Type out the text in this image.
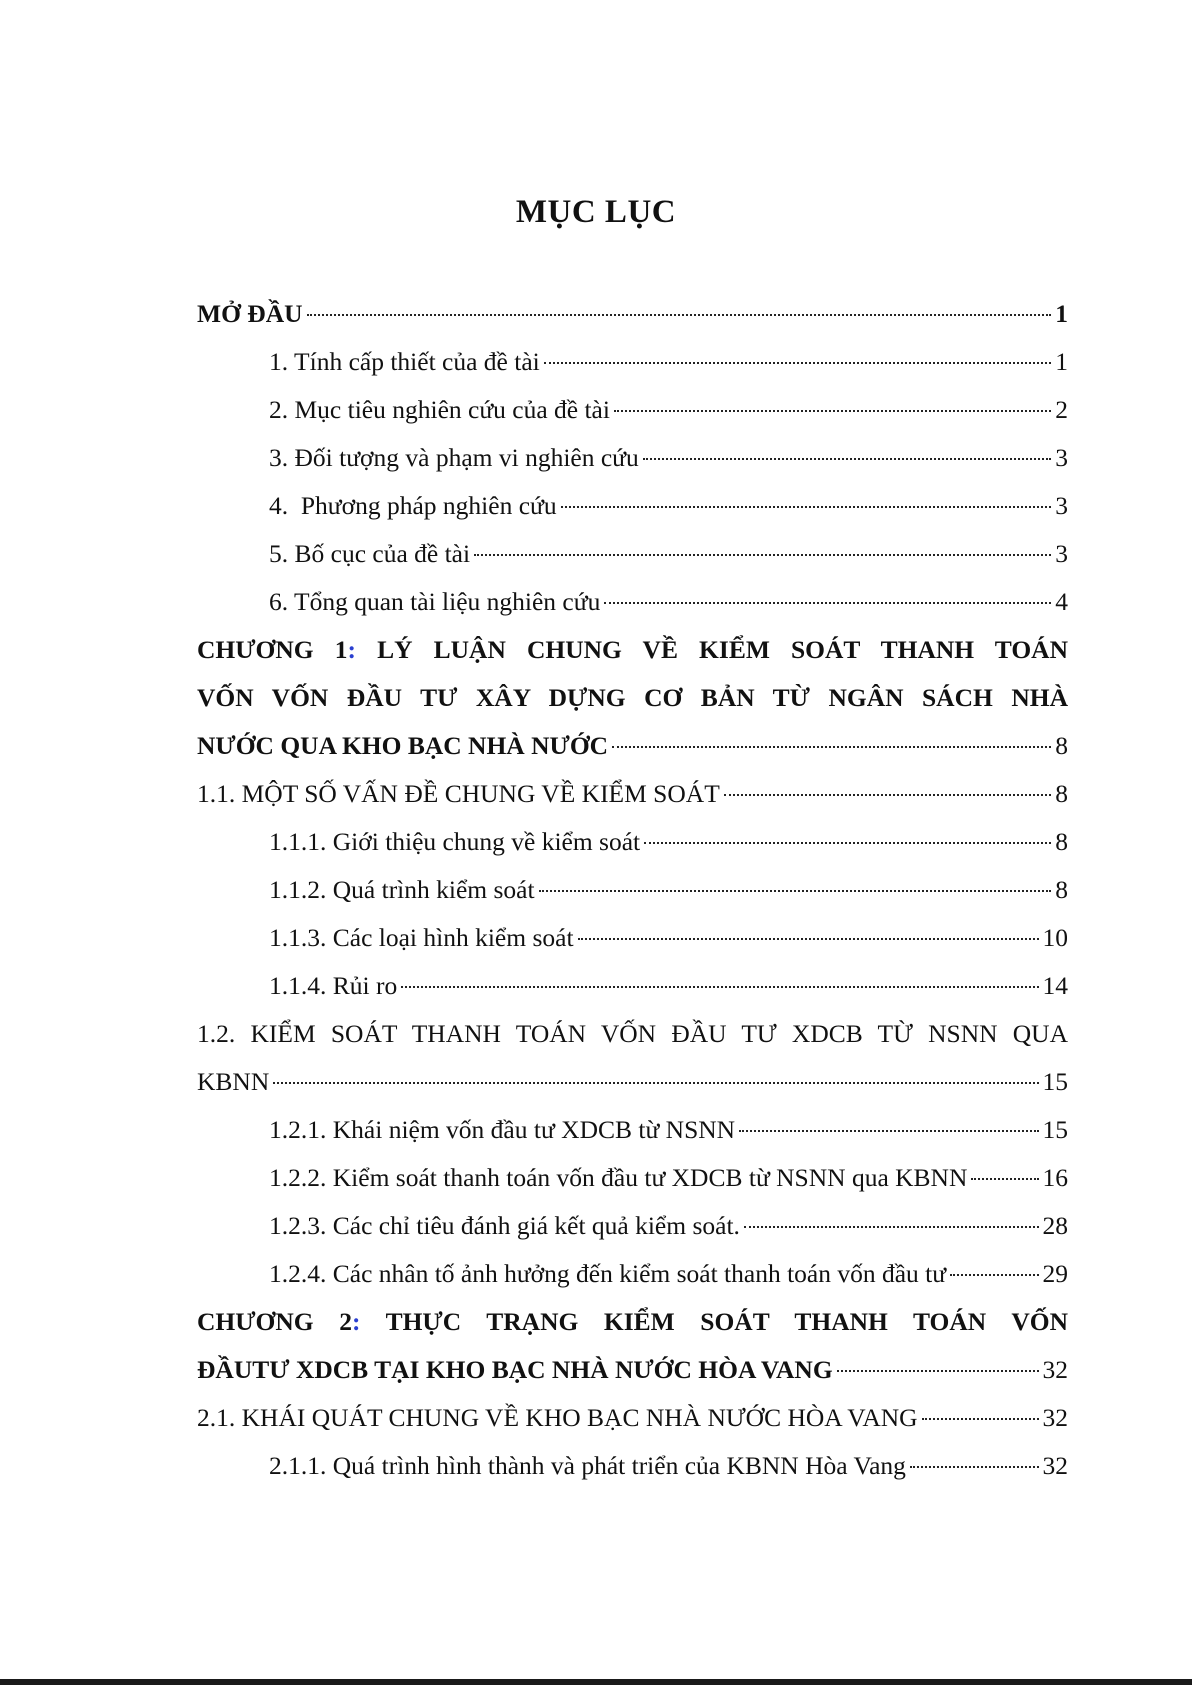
MỤC LỤC
MỞ ĐẦU	1
1. Tính cấp thiết của đề tài	1
2. Mục tiêu nghiên cứu của đề tài	2
3. Đối tượng và phạm vi nghiên cứu	3
4.  Phương pháp nghiên cứu	3
5. Bố cục của đề tài	3
6. Tổng quan tài liệu nghiên cứu	4
CHƯƠNG 1: LÝ LUẬN CHUNG VỀ KIỂM SOÁT THANH TOÁN
VỐN VỐN ĐẦU TƯ XÂY DỰNG CƠ BẢN TỪ NGÂN SÁCH NHÀ
NƯỚC QUA KHO BẠC NHÀ NƯỚC	8
1.1. MỘT SỐ VẤN ĐỀ CHUNG VỀ KIỂM SOÁT	8
1.1.1. Giới thiệu chung về kiểm soát	8
1.1.2. Quá trình kiểm soát	8
1.1.3. Các loại hình kiểm soát	10
1.1.4. Rủi ro	14
1.2. KIỂM SOÁT THANH TOÁN VỐN ĐẦU TƯ XDCB TỪ NSNN QUA
KBNN	15
1.2.1. Khái niệm vốn đầu tư XDCB từ NSNN	15
1.2.2. Kiểm soát thanh toán vốn đầu tư XDCB từ NSNN qua KBNN	16
1.2.3. Các chỉ tiêu đánh giá kết quả kiểm soát.	28
1.2.4. Các nhân tố ảnh hưởng đến kiểm soát thanh toán vốn đầu tư	29
CHƯƠNG 2: THỰC TRẠNG KIỂM SOÁT THANH TOÁN VỐN
ĐẦUTƯ XDCB TẠI KHO BẠC NHÀ NƯỚC HÒA VANG	32
2.1. KHÁI QUÁT CHUNG VỀ KHO BẠC NHÀ NƯỚC HÒA VANG	32
2.1.1. Quá trình hình thành và phát triển của KBNN Hòa Vang	32
